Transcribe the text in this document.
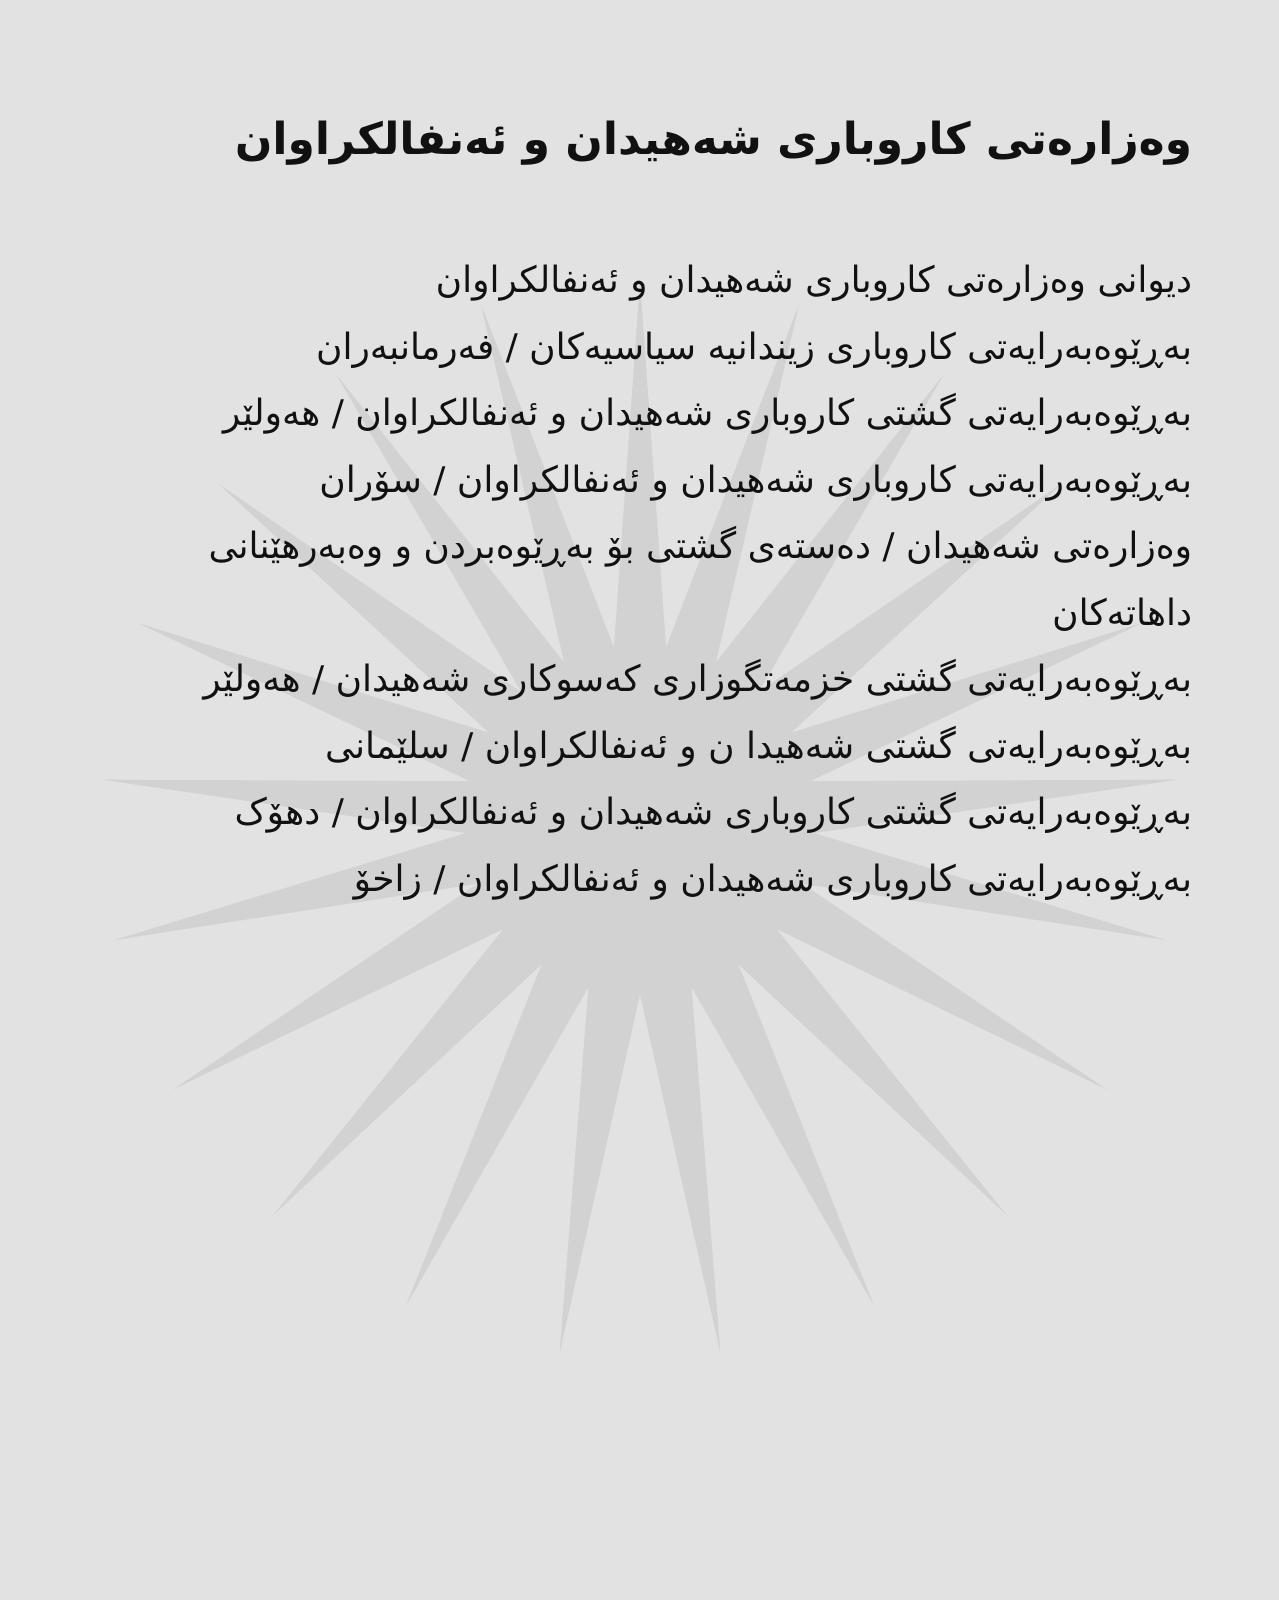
وەزارەتی کاروباری شەهیدان و ئەنفالکراوان
دیوانی وەزارەتی کاروباری شەهیدان و ئەنفالکراوان
بەڕێوەبەرایەتی کاروباری زیندانیە سیاسیەکان / فەرمانبەران
بەڕێوەبەرایەتی گشتی کاروباری شەهیدان و ئەنفالکراوان / هەولێر
بەڕێوەبەرایەتی کاروباری شەهیدان و ئەنفالکراوان / سۆران
وەزارەتی شەهیدان / دەستەی گشتی بۆ بەڕێوەبردن و وەبەرهێنانی داهاتەکان
بەڕێوەبەرایەتی گشتی خزمەتگوزاری کەسوکاری شەهیدان / هەولێر
بەڕێوەبەرایەتی گشتی شەهیدا ن و ئەنفالکراوان / سلێمانی
بەڕێوەبەرایەتی گشتی کاروباری شەهیدان و ئەنفالکراوان / دهۆک
بەڕێوەبەرایەتی کاروباری شەهیدان و ئەنفالکراوان / زاخۆ
